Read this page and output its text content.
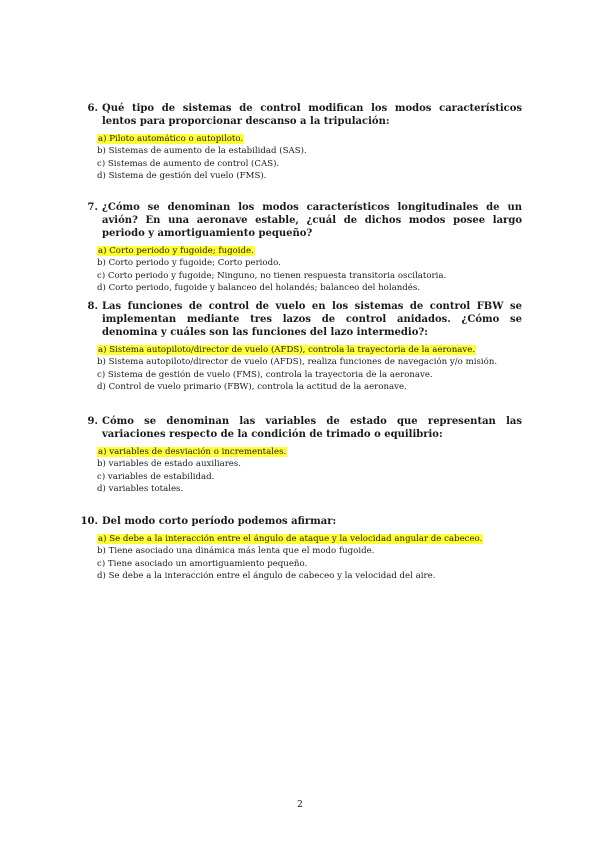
6. Qué tipo de sistemas de control modifican los modos característicos lentos para proporcionar descanso a la tripulación:
a) Piloto automático o autopiloto.
b) Sistemas de aumento de la estabilidad (SAS).
c) Sistemas de aumento de control (CAS).
d) Sistema de gestión del vuelo (FMS).
7. ¿Cómo se denominan los modos característicos longitudinales de un avión? En una aeronave estable, ¿cuál de dichos modos posee largo periodo y amortiguamiento pequeño?
a) Corto periodo y fugoide; fugoide.
b) Corto periodo y fugoide; Corto periodo.
c) Corto periodo y fugoide; Ninguno, no tienen respuesta transitoria oscilatoria.
d) Corto periodo, fugoide y balanceo del holandés; balanceo del holandés.
8. Las funciones de control de vuelo en los sistemas de control FBW se implementan mediante tres lazos de control anidados. ¿Cómo se denomina y cuáles son las funciones del lazo intermedio?:
a) Sistema autopiloto/director de vuelo (AFDS), controla la trayectoria de la aeronave.
b) Sistema autopiloto/director de vuelo (AFDS), realiza funciones de navegación y/o misión.
c) Sistema de gestión de vuelo (FMS), controla la trayectoria de la aeronave.
d) Control de vuelo primario (FBW), controla la actitud de la aeronave.
9. Cómo se denominan las variables de estado que representan las variaciones respecto de la condición de trimado o equilibrio:
a) variables de desviación o incrementales.
b) variables de estado auxiliares.
c) variables de estabilidad.
d) variables totales.
10. Del modo corto período podemos afirmar:
a) Se debe a la interacción entre el ángulo de ataque y la velocidad angular de cabeceo.
b) Tiene asociado una dinámica más lenta que el modo fugoide.
c) Tiene asociado un amortiguamiento pequeño.
d) Se debe a la interacción entre el ángulo de cabeceo y la velocidad del aire.
2
